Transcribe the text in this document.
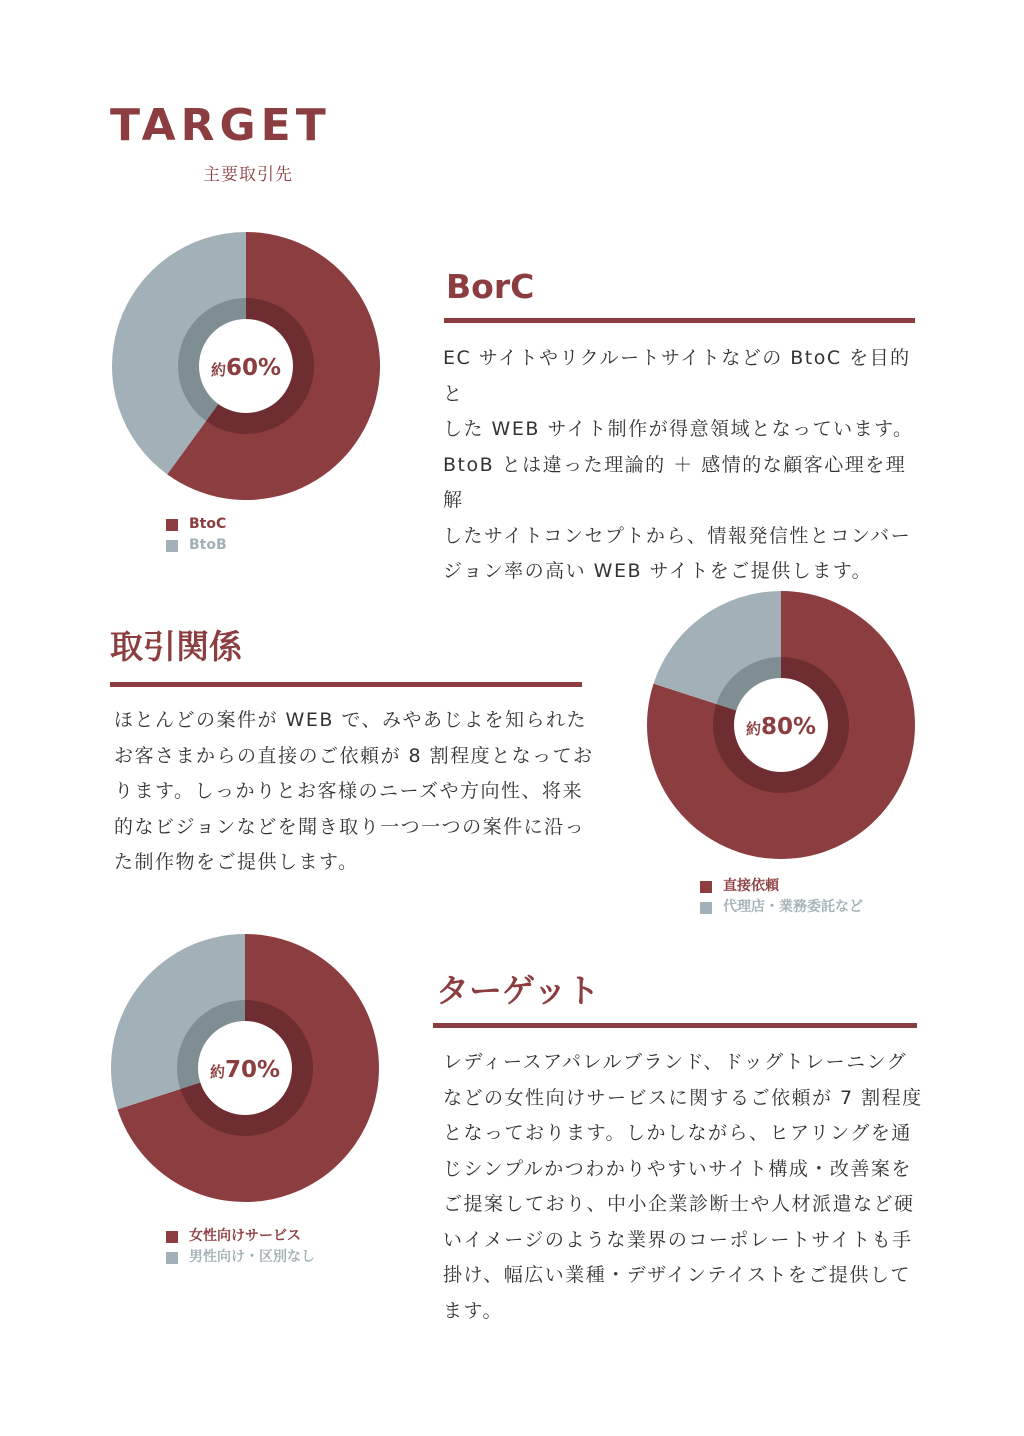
TARGET
主要取引先
約60%
BtoC
BtoB
BorC
EC サイトやリクルートサイトなどの BtoC を目的と
した WEB サイト制作が得意領域となっています。
BtoB とは違った理論的 ＋ 感情的な顧客心理を理解
したサイトコンセプトから、情報発信性とコンバー
ジョン率の高い WEB サイトをご提供します。
取引関係
ほとんどの案件が WEB で、みやあじよを知られた
お客さまからの直接のご依頼が 8 割程度となってお
ります。しっかりとお客様のニーズや方向性、将来
的なビジョンなどを聞き取り一つ一つの案件に沿っ
た制作物をご提供します。
約80%
直接依頼
代理店・業務委託など
約70%
女性向けサービス
男性向け・区別なし
ターゲット
レディースアパレルブランド、ドッグトレーニング
などの女性向けサービスに関するご依頼が 7 割程度
となっております。しかしながら、ヒアリングを通
じシンプルかつわかりやすいサイト構成・改善案を
ご提案しており、中小企業診断士や人材派遣など硬
いイメージのような業界のコーポレートサイトも手
掛け、幅広い業種・デザインテイストをご提供して
ます。
